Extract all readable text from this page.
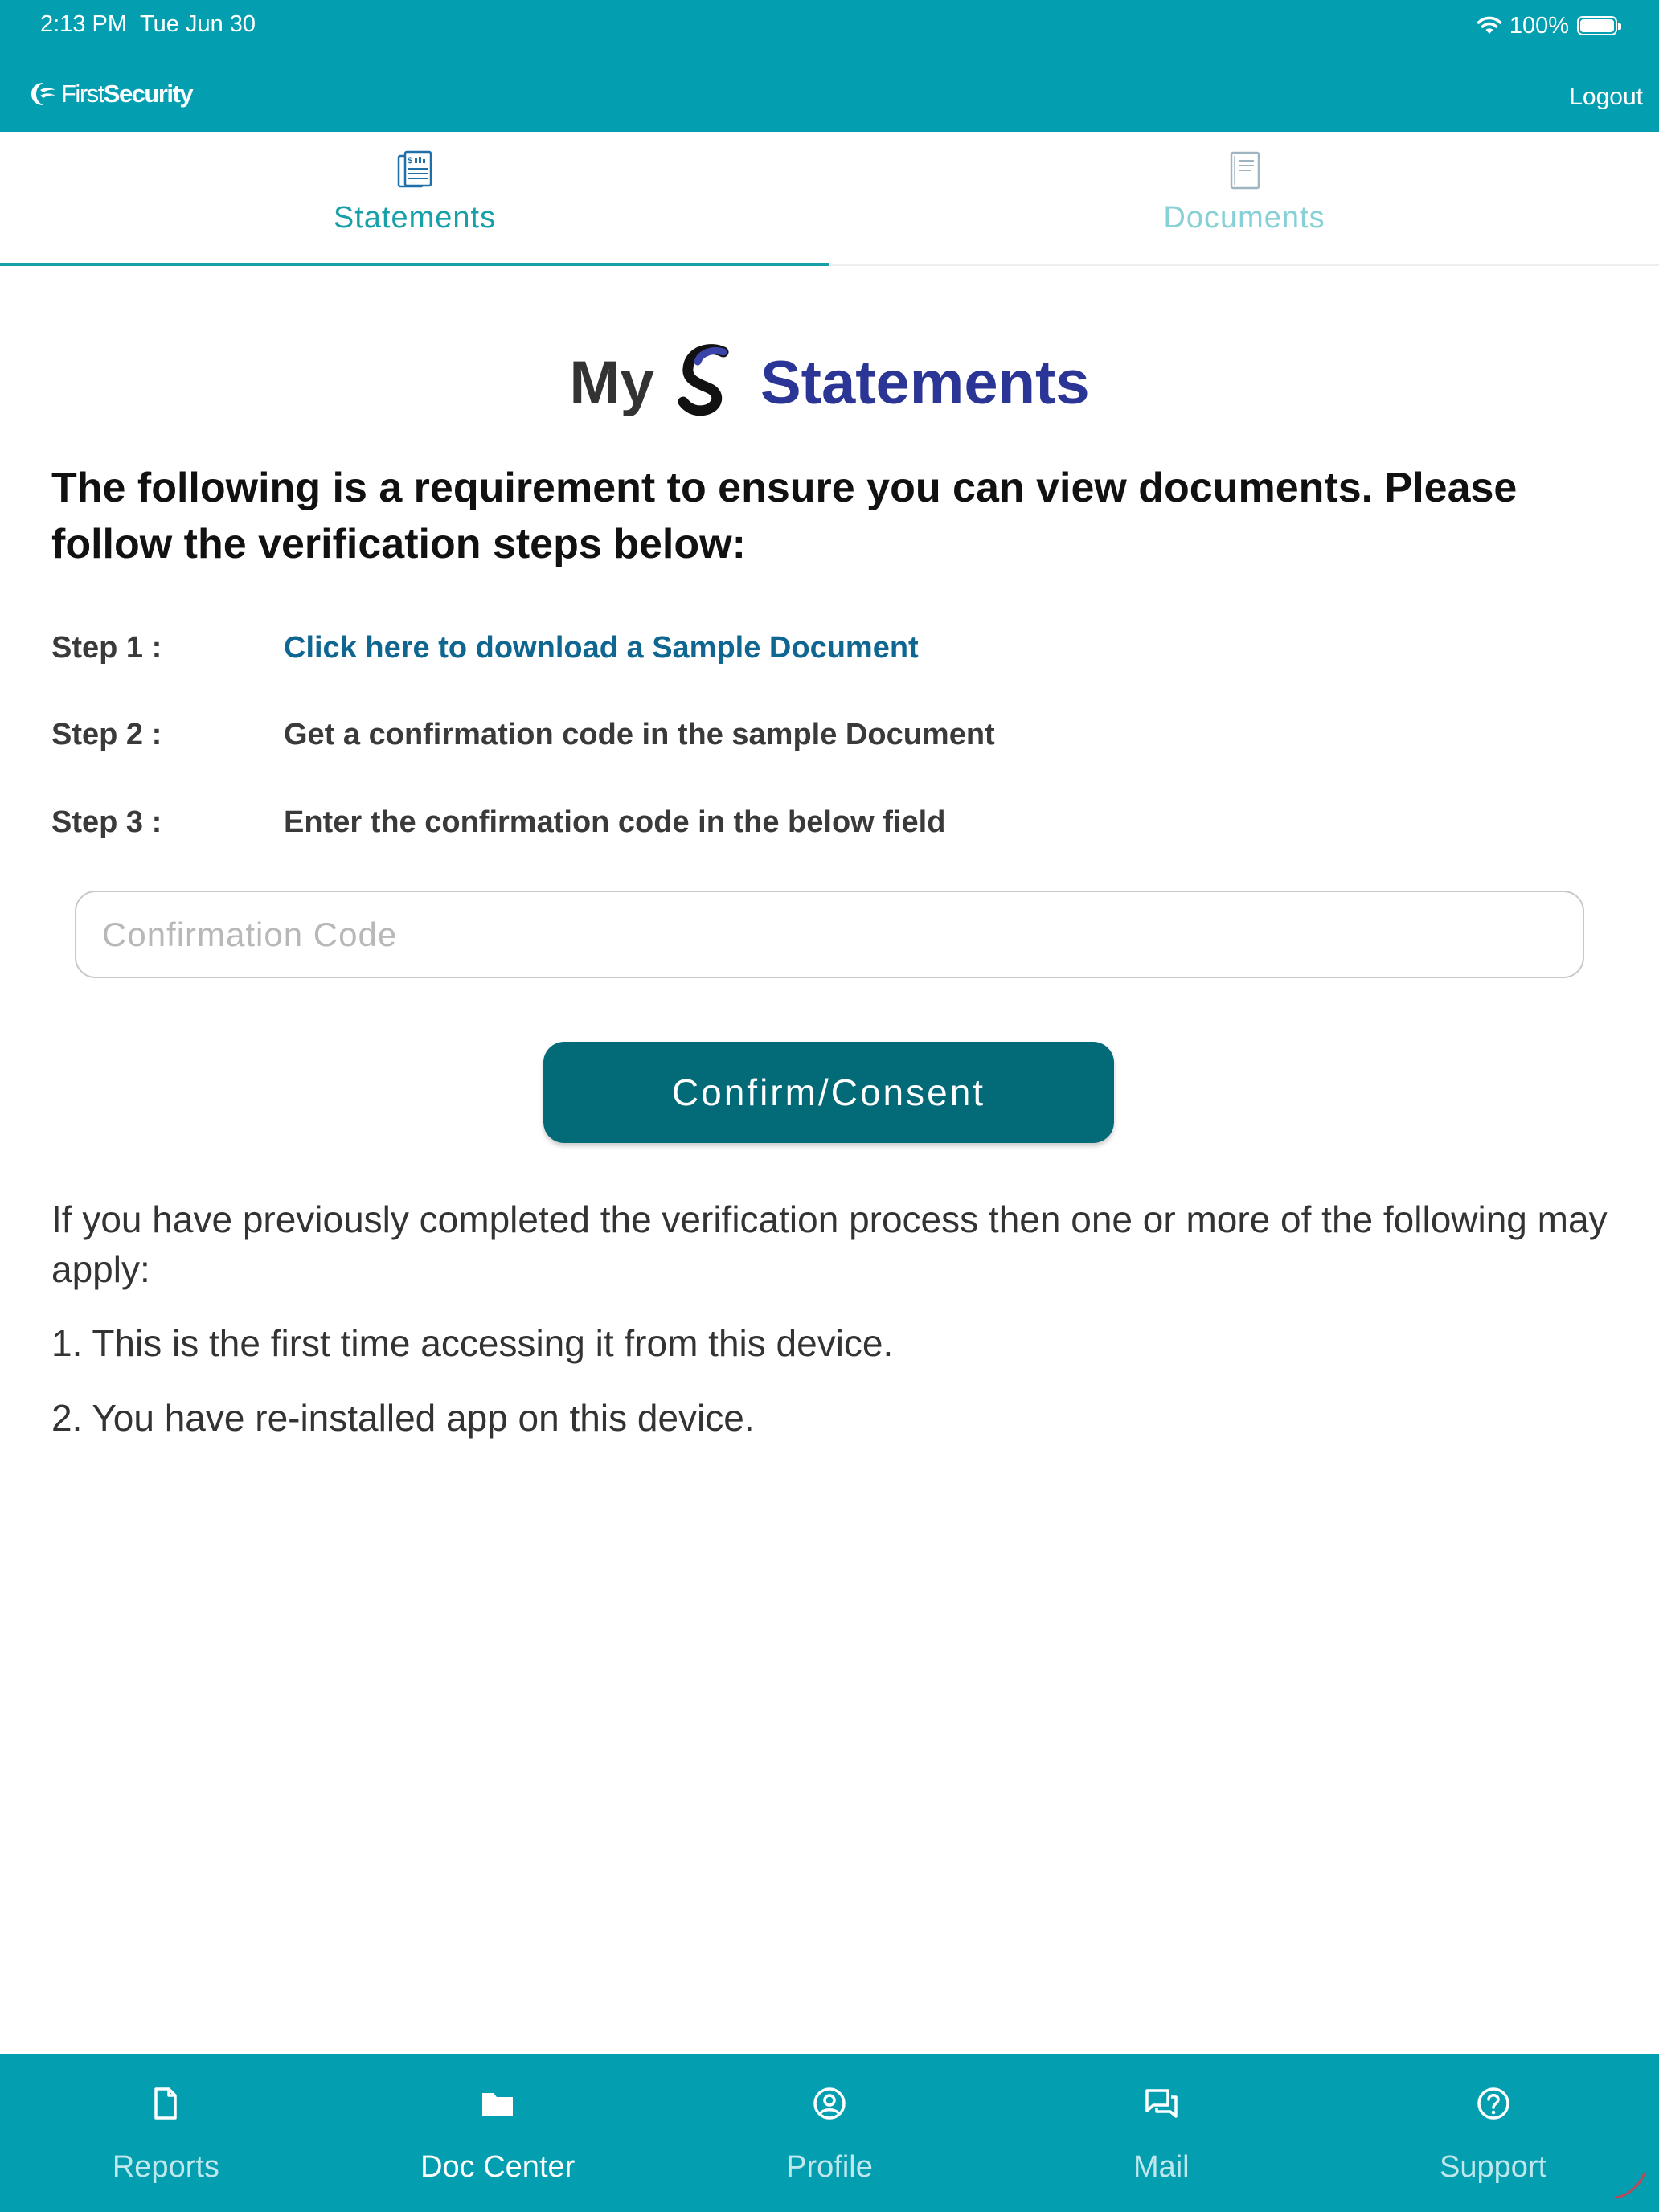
2:13 PM Tue Jun 30	100%
First Security	Logout
$
Statements	Documents
My Statements

The following is a requirement to ensure you can view documents. Please follow the verification steps below:

Step 1 :	Click here to download a Sample Document
Step 2 :	Get a confirmation code in the sample Document
Step 3 :	Enter the confirmation code in the below field
Confirmation Code
Confirm/Consent

If you have previously completed the verification process then one or more of the following may apply:

1. This is the first time accessing it from this device.

2. You have re-installed app on this device.

Reports	Doc Center	Profile	Mail	Support
